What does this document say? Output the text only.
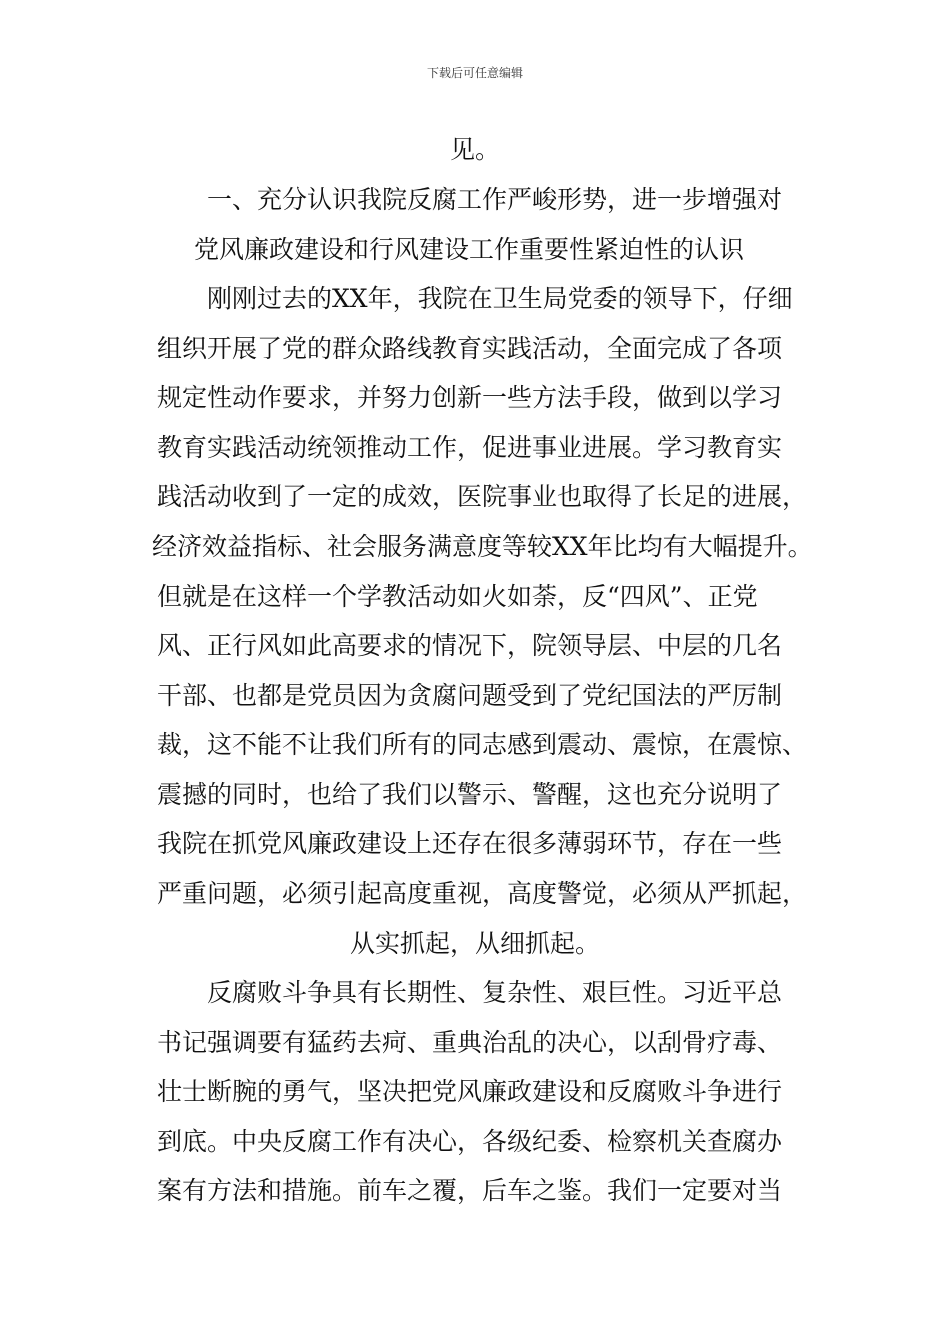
下载后可任意编辑
见。
一、充分认识我院反腐工作严峻形势，进一步增强对
党风廉政建设和行风建设工作重要性紧迫性的认识
刚刚过去的XX年，我院在卫生局党委的领导下，仔细
组织开展了党的群众路线教育实践活动，全面完成了各项
规定性动作要求，并努力创新一些方法手段，做到以学习
教育实践活动统领推动工作，促进事业进展。学习教育实
践活动收到了一定的成效，医院事业也取得了长足的进展，
经济效益指标、社会服务满意度等较XX年比均有大幅提升。
但就是在这样一个学教活动如火如荼，反“四风”、正党
风、正行风如此高要求的情况下，院领导层、中层的几名
干部、也都是党员因为贪腐问题受到了党纪国法的严厉制
裁，这不能不让我们所有的同志感到震动、震惊，在震惊、
震撼的同时，也给了我们以警示、警醒，这也充分说明了
我院在抓党风廉政建设上还存在很多薄弱环节，存在一些
严重问题，必须引起高度重视，高度警觉，必须从严抓起，
从实抓起，从细抓起。
反腐败斗争具有长期性、复杂性、艰巨性。习近平总
书记强调要有猛药去疴、重典治乱的决心，以刮骨疗毒、
壮士断腕的勇气，坚决把党风廉政建设和反腐败斗争进行
到底。中央反腐工作有决心，各级纪委、检察机关查腐办
案有方法和措施。前车之覆，后车之鉴。我们一定要对当
